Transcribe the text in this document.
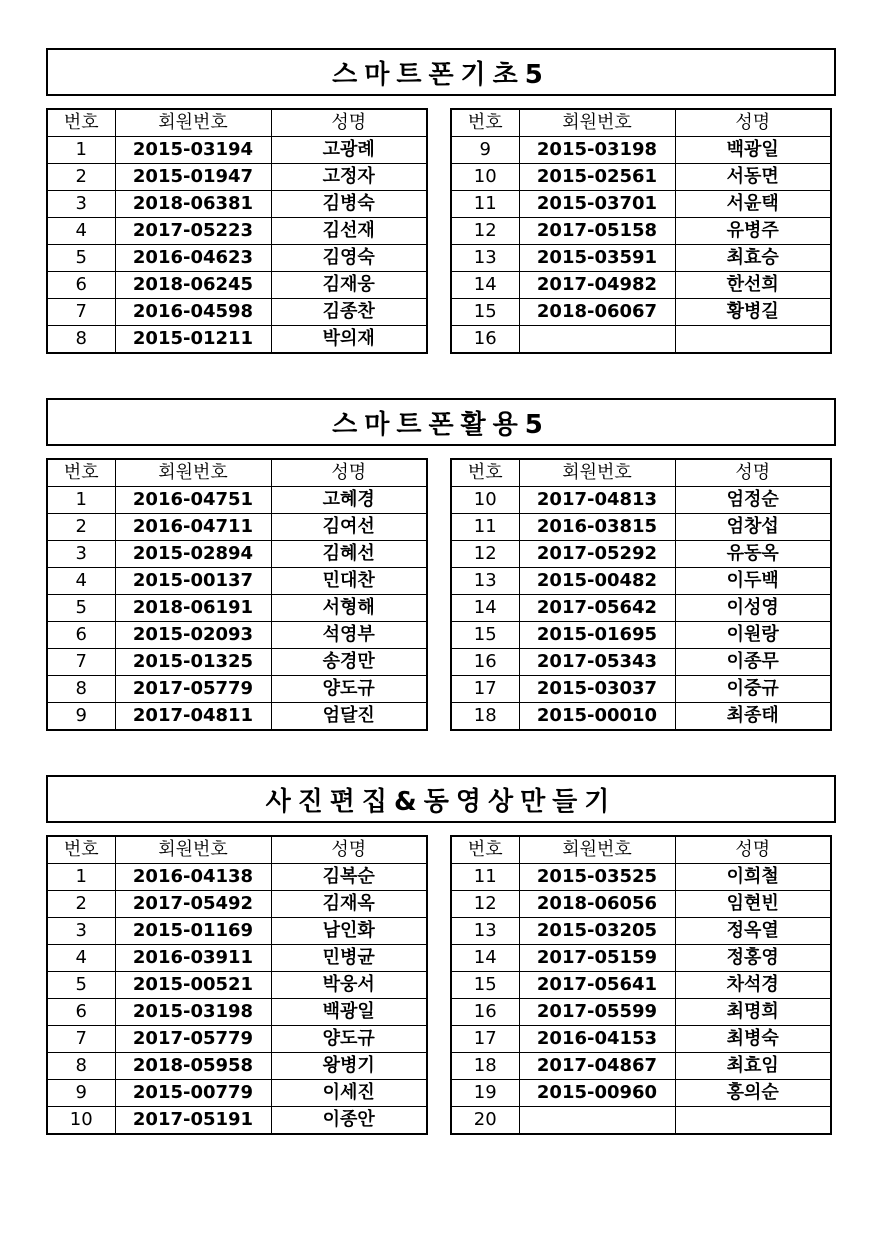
스마트폰기초5
번호	회원번호	성명
1	2015-03194	고광례
2	2015-01947	고정자
3	2018-06381	김병숙
4	2017-05223	김선재
5	2016-04623	김영숙
6	2018-06245	김재웅
7	2016-04598	김종찬
8	2015-01211	박의재
번호	회원번호	성명
9	2015-03198	백광일
10	2015-02561	서동면
11	2015-03701	서윤택
12	2017-05158	유병주
13	2015-03591	최효승
14	2017-04982	한선희
15	2018-06067	황병길
16		
스마트폰활용5
번호	회원번호	성명
1	2016-04751	고혜경
2	2016-04711	김여선
3	2015-02894	김혜선
4	2015-00137	민대찬
5	2018-06191	서형해
6	2015-02093	석영부
7	2015-01325	송경만
8	2017-05779	양도규
9	2017-04811	엄달진
번호	회원번호	성명
10	2017-04813	엄정순
11	2016-03815	엄창섭
12	2017-05292	유동옥
13	2015-00482	이두백
14	2017-05642	이성영
15	2015-01695	이원랑
16	2017-05343	이종무
17	2015-03037	이중규
18	2015-00010	최종태
사진편집&동영상만들기
번호	회원번호	성명
1	2016-04138	김복순
2	2017-05492	김재옥
3	2015-01169	남인화
4	2016-03911	민병균
5	2015-00521	박웅서
6	2015-03198	백광일
7	2017-05779	양도규
8	2018-05958	왕병기
9	2015-00779	이세진
10	2017-05191	이종안
번호	회원번호	성명
11	2015-03525	이희철
12	2018-06056	임현빈
13	2015-03205	정옥열
14	2017-05159	정홍영
15	2017-05641	차석경
16	2017-05599	최명희
17	2016-04153	최병숙
18	2017-04867	최효임
19	2015-00960	홍의순
20		
